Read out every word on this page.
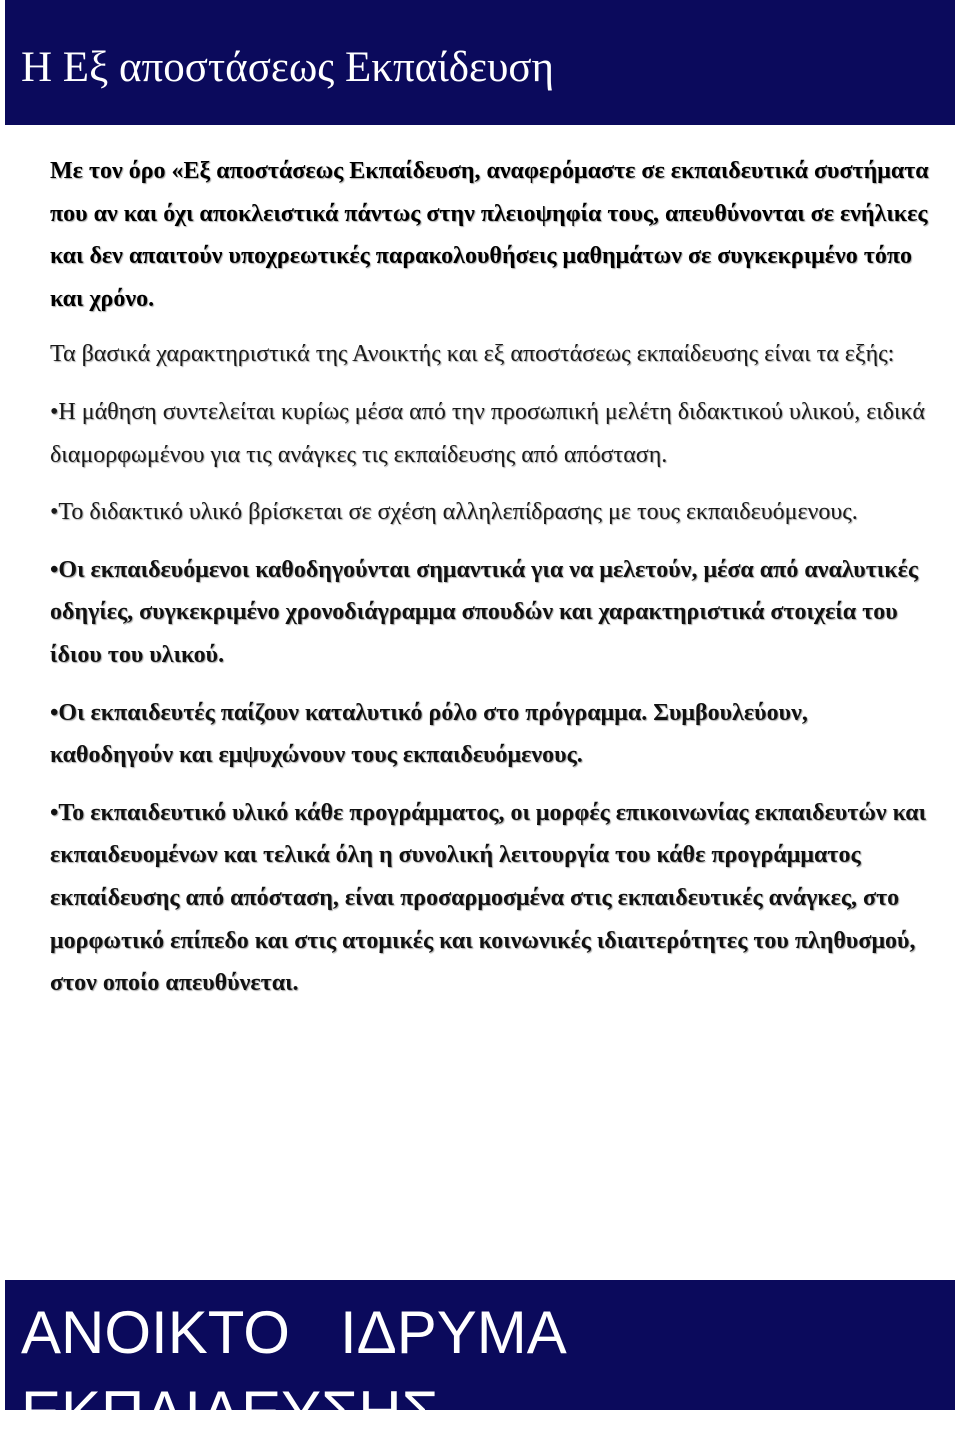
Η Εξ αποστάσεως Εκπαίδευση

Με τον όρο «Εξ αποστάσεως Εκπαίδευση, αναφερόμαστε σε εκπαιδευτικά συστήματα που αν και όχι αποκλειστικά πάντως στην πλειοψηφία τους, απευθύνονται σε ενήλικες και δεν απαιτούν υποχρεωτικές παρακολουθήσεις μαθημάτων σε συγκεκριμένο τόπο και χρόνο.

Τα βασικά χαρακτηριστικά της Ανοικτής και εξ αποστάσεως εκπαίδευσης είναι τα εξής:

•Η μάθηση συντελείται κυρίως μέσα από την προσωπική μελέτη διδακτικού υλικού, ειδικά διαμορφωμένου για τις ανάγκες τις εκπαίδευσης από απόσταση.

•Το διδακτικό υλικό βρίσκεται σε σχέση αλληλεπίδρασης με τους εκπαιδευόμενους.

•Οι εκπαιδευόμενοι καθοδηγούνται σημαντικά για να μελετούν, μέσα από αναλυτικές οδηγίες, συγκεκριμένο χρονοδιάγραμμα σπουδών και χαρακτηριστικά στοιχεία του ίδιου του υλικού.

•Οι εκπαιδευτές παίζουν καταλυτικό ρόλο στο πρόγραμμα. Συμβουλεύουν, καθοδηγούν και εμψυχώνουν τους εκπαιδευόμενους.

•Το εκπαιδευτικό υλικό κάθε προγράμματος, οι μορφές επικοινωνίας εκπαιδευτών και εκπαιδευομένων και τελικά όλη η συνολική λειτουργία του κάθε προγράμματος εκπαίδευσης από απόσταση, είναι προσαρμοσμένα στις εκπαιδευτικές ανάγκες, στο μορφωτικό επίπεδο και στις ατομικές και κοινωνικές ιδιαιτερότητες του πληθυσμού, στον οποίο απευθύνεται.

ΑΝΟΙΚΤΟ   ΙΔΡΥΜΑ

ΕΚΠΑΙΔΕΥΣΗΣ
